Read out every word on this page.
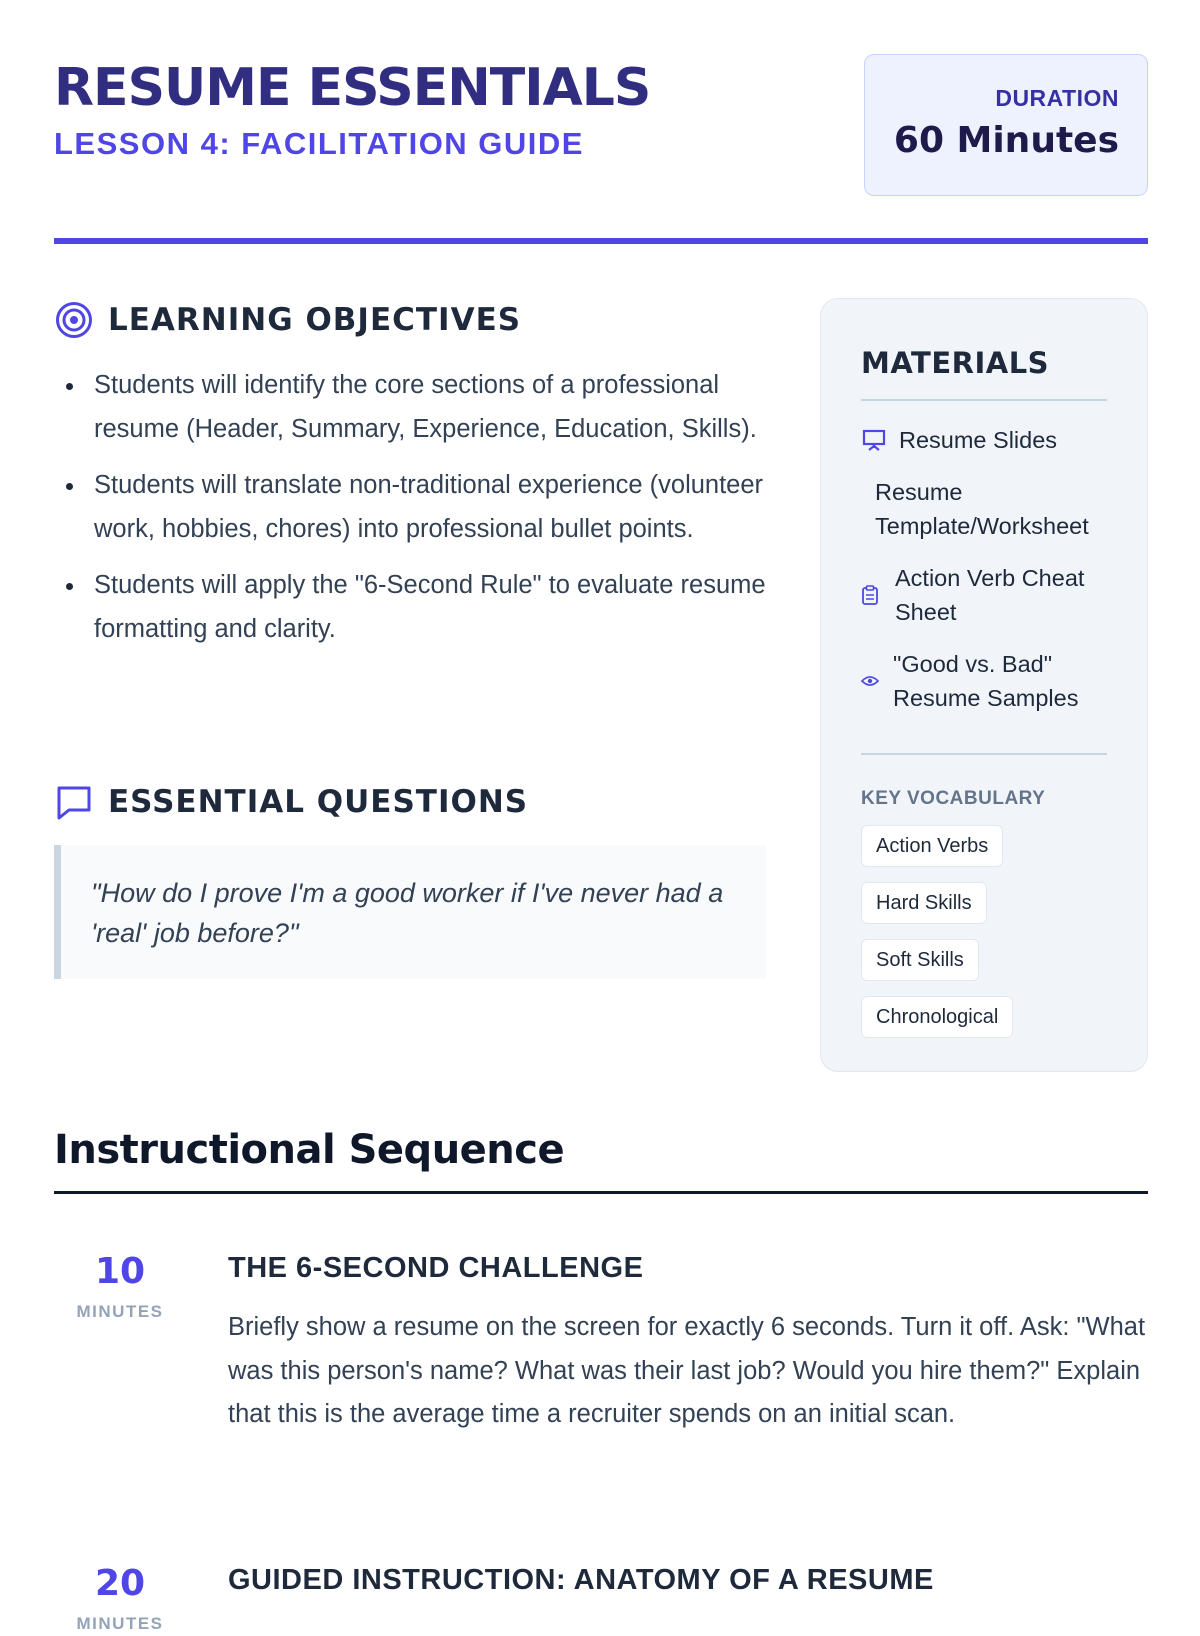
RESUME ESSENTIALS
LESSON 4: FACILITATION GUIDE
DURATION
60 Minutes
LEARNING OBJECTIVES
Students will identify the core sections of a professional resume (Header, Summary, Experience, Education, Skills).
Students will translate non-traditional experience (volunteer work, hobbies, chores) into professional bullet points.
Students will apply the "6-Second Rule" to evaluate resume formatting and clarity.
ESSENTIAL QUESTIONS
"How do I prove I'm a good worker if I've never had a 'real' job before?"
MATERIALS
Resume Slides
Resume Template/Worksheet
Action Verb Cheat Sheet
"Good vs. Bad" Resume Samples
KEY VOCABULARY
Action Verbs
Hard Skills
Soft Skills
Chronological
Instructional Sequence
10
MINUTES
THE 6-SECOND CHALLENGE
Briefly show a resume on the screen for exactly 6 seconds. Turn it off. Ask: "What was this person's name? What was their last job? Would you hire them?" Explain that this is the average time a recruiter spends on an initial scan.
20
MINUTES
GUIDED INSTRUCTION: ANATOMY OF A RESUME
